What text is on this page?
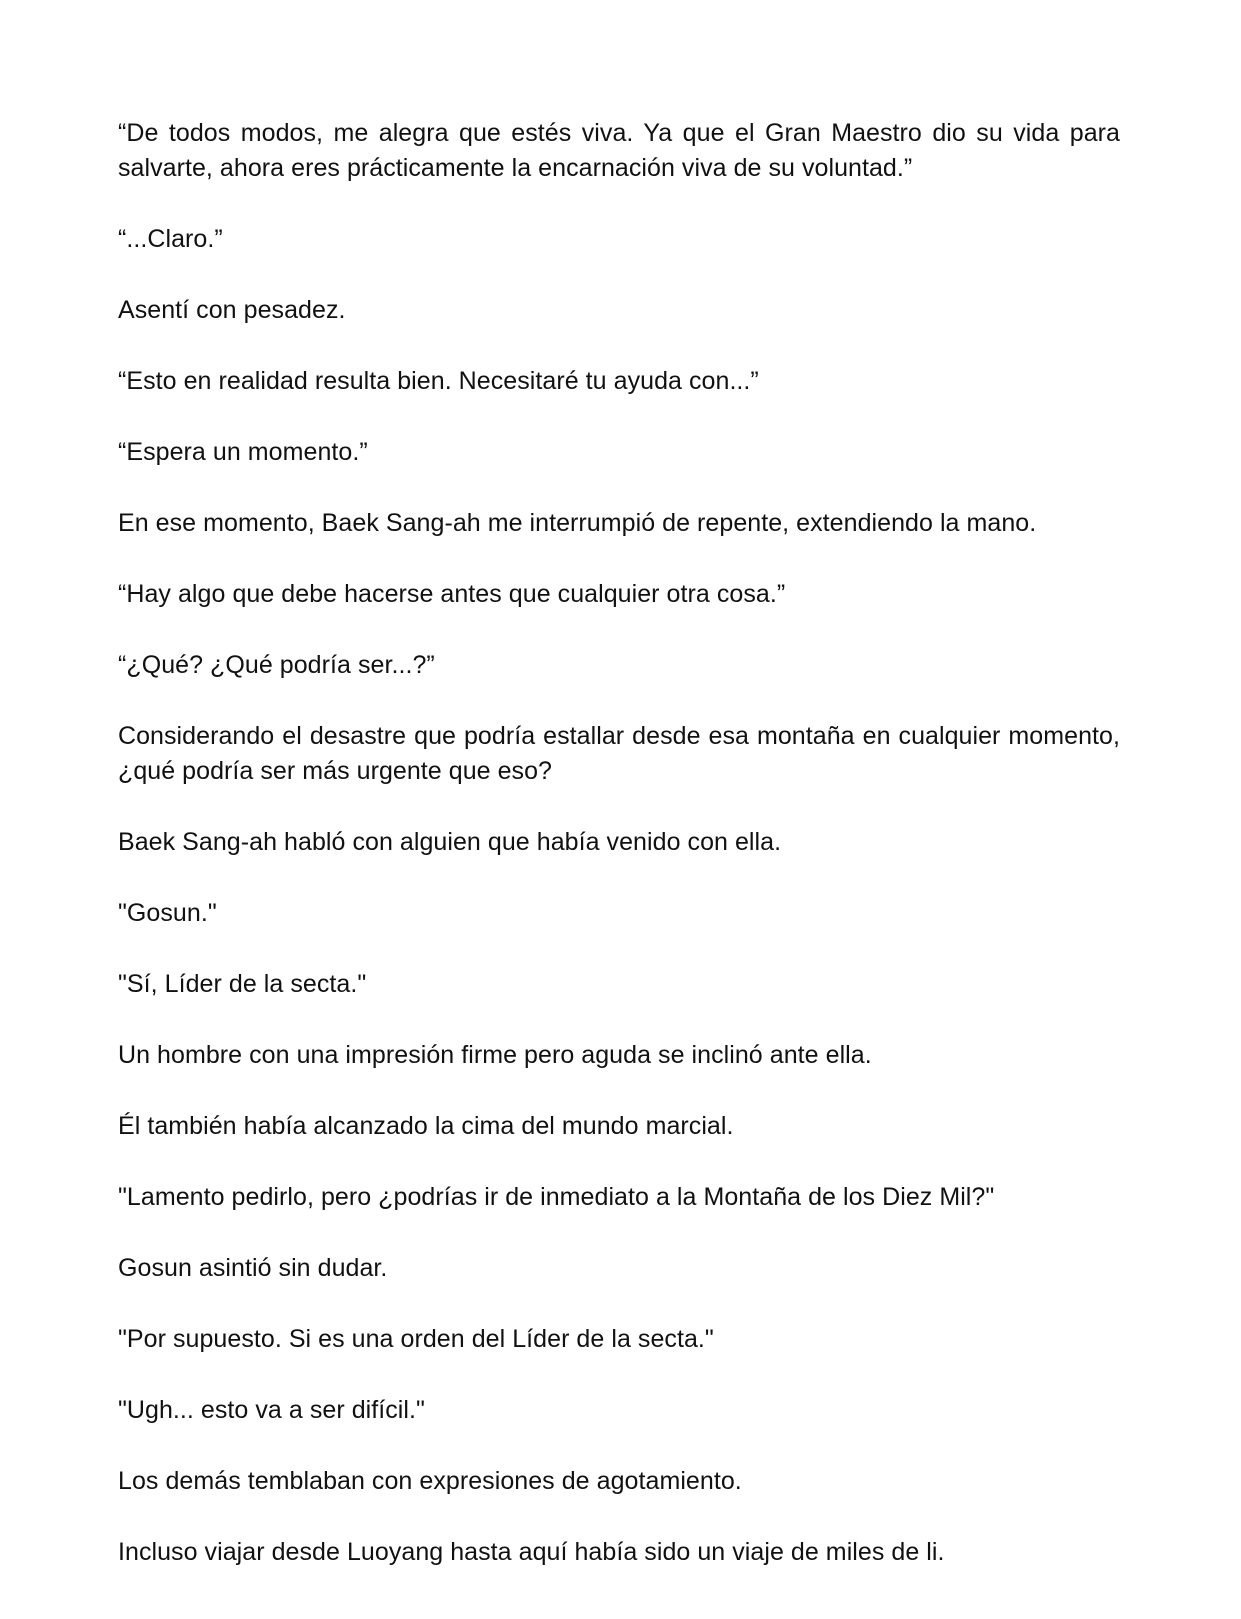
“De todos modos, me alegra que estés viva. Ya que el Gran Maestro dio su vida para salvarte, ahora eres prácticamente la encarnación viva de su voluntad.”

“...Claro.”

Asentí con pesadez.

“Esto en realidad resulta bien. Necesitaré tu ayuda con...”

“Espera un momento.”

En ese momento, Baek Sang-ah me interrumpió de repente, extendiendo la mano.

“Hay algo que debe hacerse antes que cualquier otra cosa.”

“¿Qué? ¿Qué podría ser...?”

Considerando el desastre que podría estallar desde esa montaña en cualquier momento, ¿qué podría ser más urgente que eso?

Baek Sang-ah habló con alguien que había venido con ella.

"Gosun."

"Sí, Líder de la secta."

Un hombre con una impresión firme pero aguda se inclinó ante ella.

Él también había alcanzado la cima del mundo marcial.

"Lamento pedirlo, pero ¿podrías ir de inmediato a la Montaña de los Diez Mil?"

Gosun asintió sin dudar.

"Por supuesto. Si es una orden del Líder de la secta."

"Ugh... esto va a ser difícil."

Los demás temblaban con expresiones de agotamiento.

Incluso viajar desde Luoyang hasta aquí había sido un viaje de miles de li.
